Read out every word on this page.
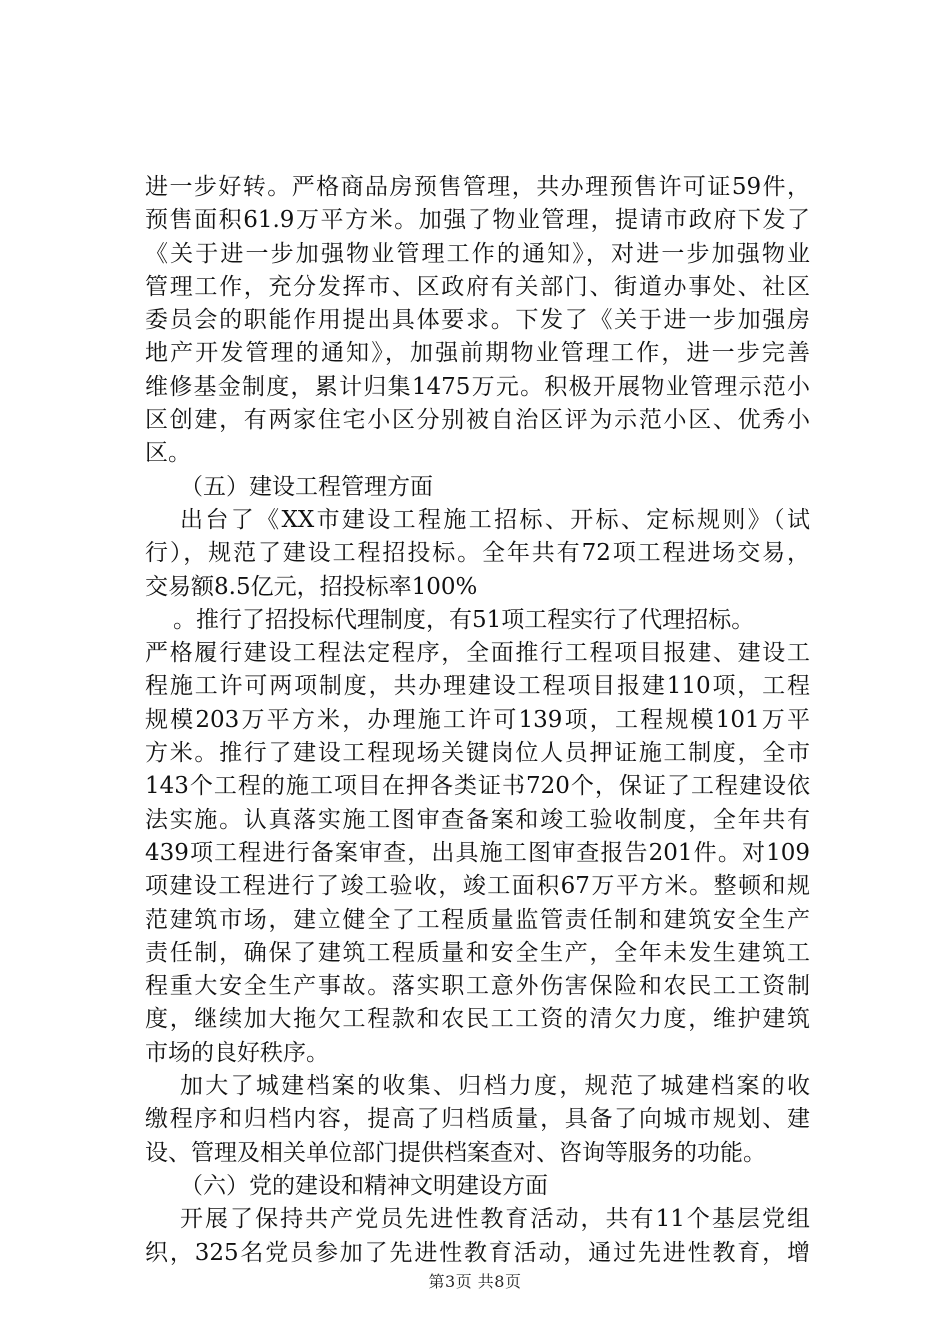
进一步好转。严格商品房预售管理，共办理预售许可证59件，
预售面积61.9万平方米。加强了物业管理，提请市政府下发了
《关于进一步加强物业管理工作的通知》，对进一步加强物业
管理工作，充分发挥市、区政府有关部门、街道办事处、社区
委员会的职能作用提出具体要求。下发了《关于进一步加强房
地产开发管理的通知》，加强前期物业管理工作，进一步完善
维修基金制度，累计归集1475万元。积极开展物业管理示范小
区创建，有两家住宅小区分别被自治区评为示范小区、优秀小
区。
（五）建设工程管理方面
出台了《XX市建设工程施工招标、开标、定标规则》（试
行），规范了建设工程招投标。全年共有72项工程进场交易，
交易额8.5亿元，招投标率100%
。推行了招投标代理制度，有51项工程实行了代理招标。
严格履行建设工程法定程序，全面推行工程项目报建、建设工
程施工许可两项制度，共办理建设工程项目报建110项，工程
规模203万平方米，办理施工许可139项，工程规模101万平
方米。推行了建设工程现场关键岗位人员押证施工制度，全市
143个工程的施工项目在押各类证书720个，保证了工程建设依
法实施。认真落实施工图审查备案和竣工验收制度，全年共有
439项工程进行备案审查，出具施工图审查报告201件。对109
项建设工程进行了竣工验收，竣工面积67万平方米。整顿和规
范建筑市场，建立健全了工程质量监管责任制和建筑安全生产
责任制，确保了建筑工程质量和安全生产，全年未发生建筑工
程重大安全生产事故。落实职工意外伤害保险和农民工工资制
度，继续加大拖欠工程款和农民工工资的清欠力度，维护建筑
市场的良好秩序。
加大了城建档案的收集、归档力度，规范了城建档案的收
缴程序和归档内容，提高了归档质量，具备了向城市规划、建
设、管理及相关单位部门提供档案查对、咨询等服务的功能。
（六）党的建设和精神文明建设方面
开展了保持共产党员先进性教育活动，共有11个基层党组
织，325名党员参加了先进性教育活动，通过先进性教育，增
第3页 共8页
